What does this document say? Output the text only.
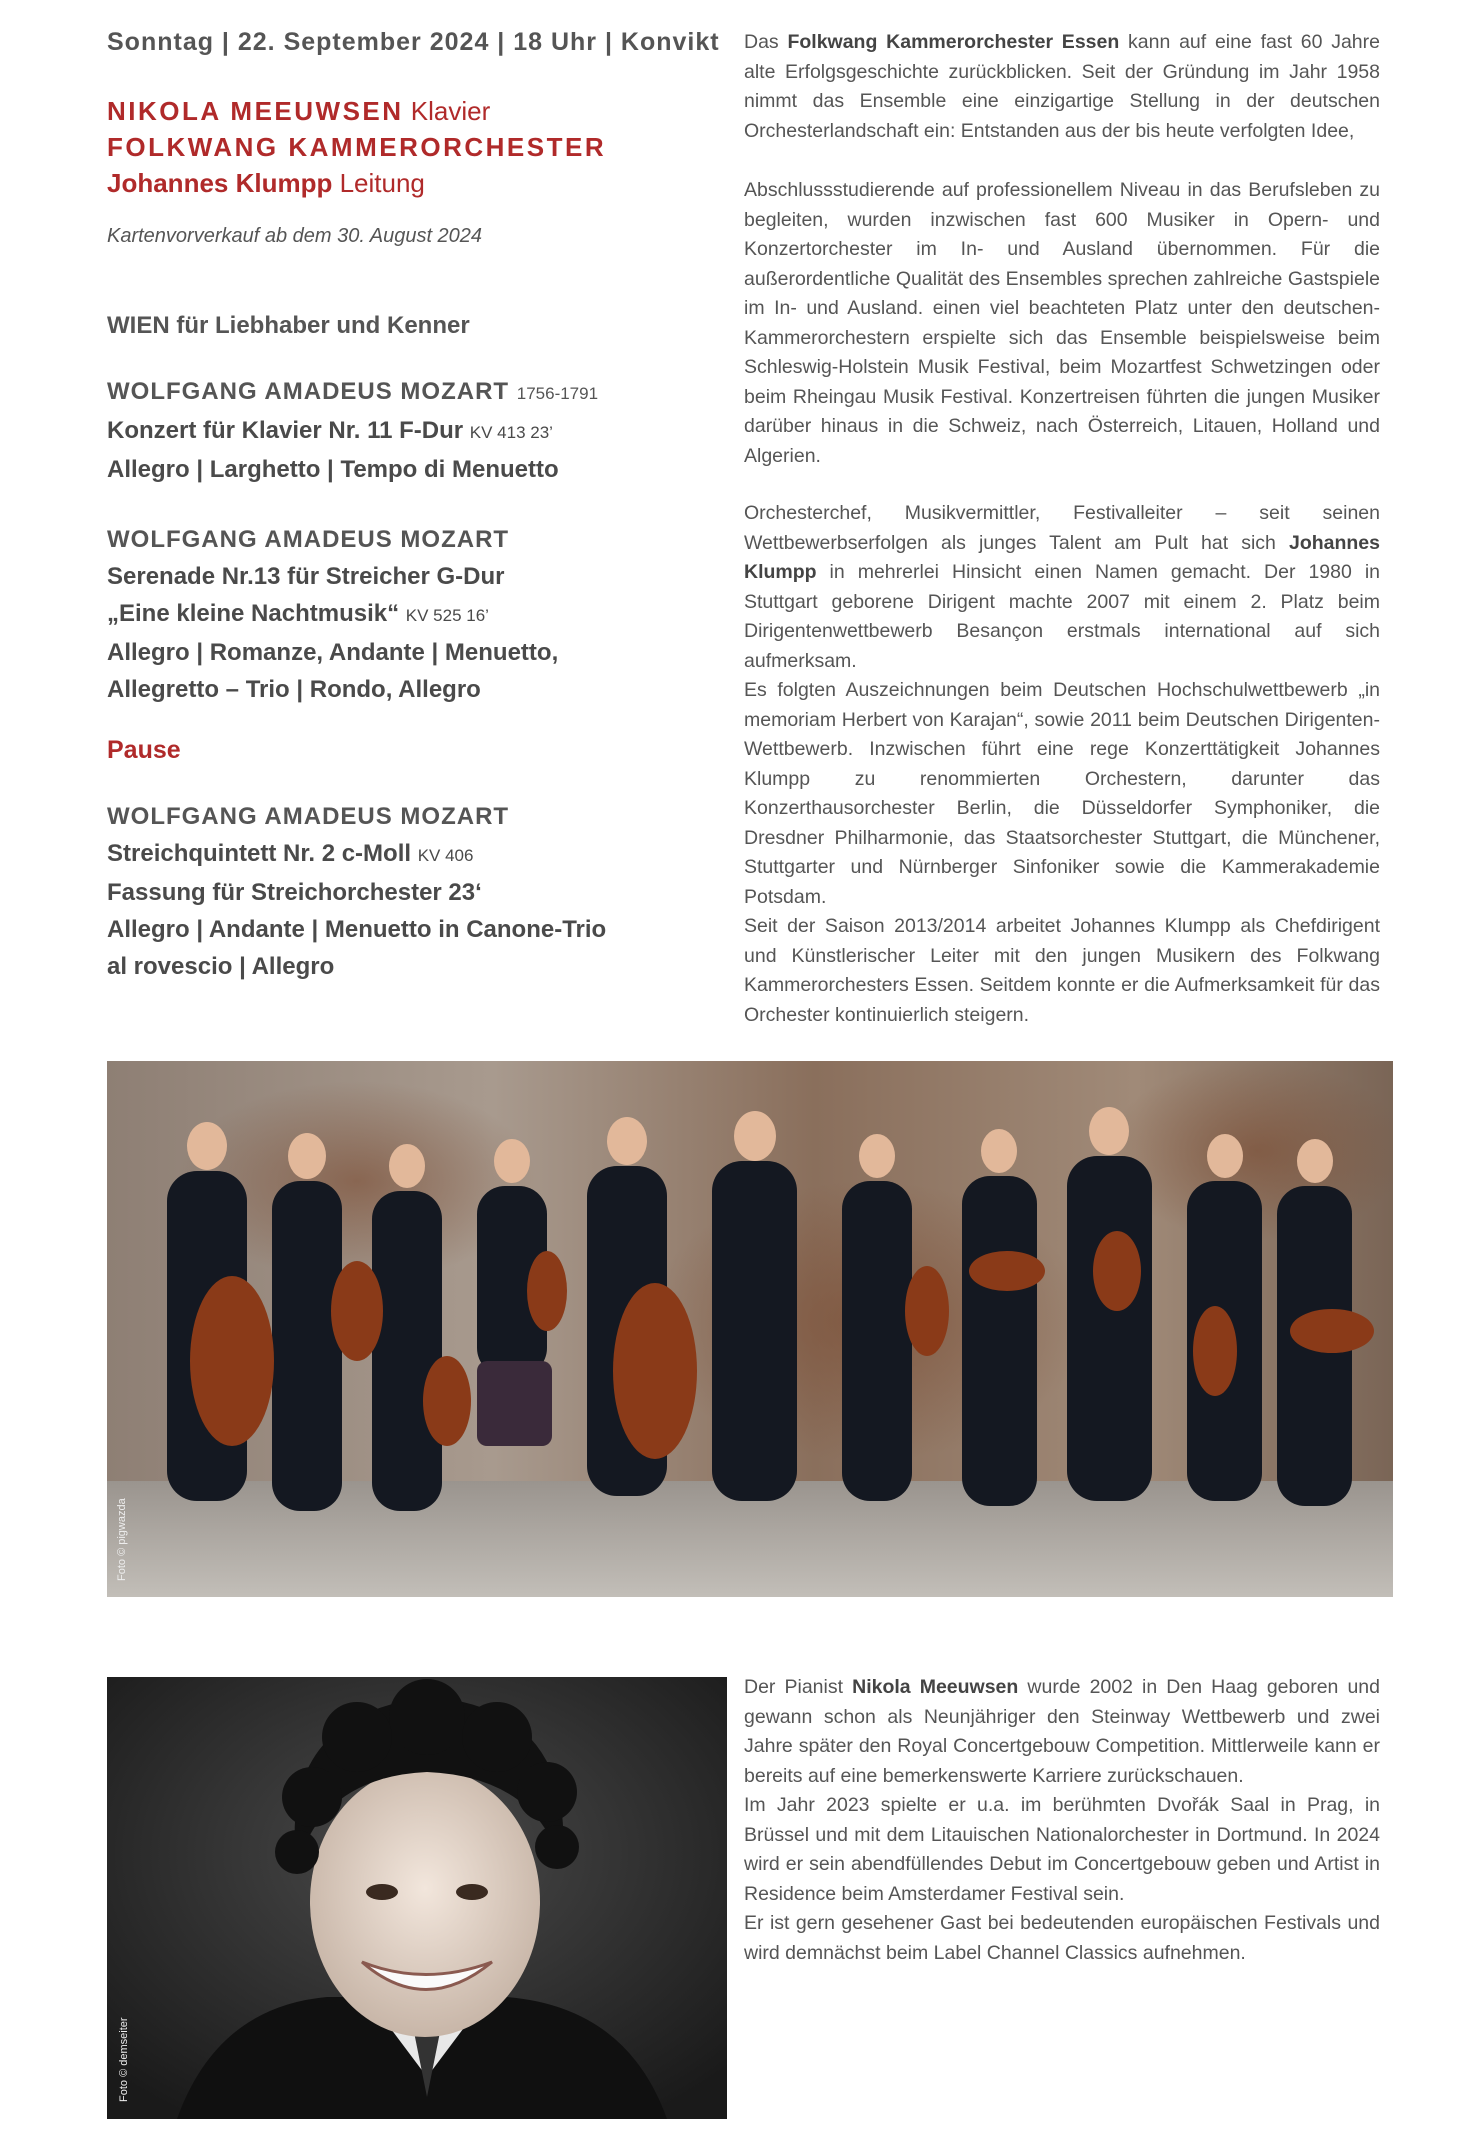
Sonntag | 22. September 2024 | 18 Uhr | Konvikt

NIKOLA MEEUWSEN Klavier
FOLKWANG KAMMERORCHESTER
Johannes Klumpp Leitung
Kartenvorverkauf ab dem 30. August 2024
WIEN für Liebhaber und Kenner
WOLFGANG AMADEUS MOZART 1756-1791
Konzert für Klavier Nr. 11 F-Dur KV 413 23’
Allegro | Larghetto | Tempo di Menuetto
WOLFGANG AMADEUS MOZART
Serenade Nr.13 für Streicher G-Dur
„Eine kleine Nachtmusik“ KV 525 16’
Allegro | Romanze, Andante | Menuetto,
Allegretto – Trio | Rondo, Allegro
Pause
WOLFGANG AMADEUS MOZART
Streichquintett Nr. 2 c-Moll KV 406
Fassung für Streichorchester 23‘
Allegro | Andante | Menuetto in Canone-Trio
al rovescio | Allegro

Das Folkwang Kammerorchester Essen kann auf eine fast 60 Jahre alte Erfolgsgeschichte zurückblicken. Seit der Gründung im Jahr 1958 nimmt das Ensemble eine einzigartige Stellung in der deutschen Orchesterlandschaft ein: Entstanden aus der bis heute verfolgten Idee,

Abschlussstudierende auf professionellem Niveau in das Berufsleben zu begleiten, wurden inzwischen fast 600 Musiker in Opern- und Konzertorchester im In- und Ausland übernommen. Für die außerordentliche Qualität des Ensembles sprechen zahlreiche Gastspiele im In- und Ausland. einen viel beachteten Platz unter den deutschen-Kammerorchestern erspielte sich das Ensemble beispielsweise beim Schleswig-Holstein Musik Festival, beim Mozartfest Schwetzingen oder beim Rheingau Musik Festival. Konzertreisen führten die jungen Musiker darüber hinaus in die Schweiz, nach Österreich, Litauen, Holland und Algerien.

Orchesterchef, Musikvermittler, Festivalleiter – seit seinen Wettbewerbserfolgen als junges Talent am Pult hat sich Johannes Klumpp in mehrerlei Hinsicht einen Namen gemacht. Der 1980 in Stuttgart geborene Dirigent machte 2007 mit einem 2. Platz beim Dirigentenwettbewerb Besançon erstmals international auf sich aufmerksam.

Es folgten Auszeichnungen beim Deutschen Hochschulwettbewerb „in memoriam Herbert von Karajan“, sowie 2011 beim Deutschen Dirigenten-Wettbewerb. Inzwischen führt eine rege Konzerttätigkeit Johannes Klumpp zu renommierten Orchestern, darunter das Konzerthausorchester Berlin, die Düsseldorfer Symphoniker, die Dresdner Philharmonie, das Staatsorchester Stuttgart, die Münchener, Stuttgarter und Nürnberger Sinfoniker sowie die Kammerakademie Potsdam.

Seit der Saison 2013/2014 arbeitet Johannes Klumpp als Chefdirigent und Künstlerischer Leiter mit den jungen Musikern des Folkwang Kammerorchesters Essen. Seitdem konnte er die Aufmerksamkeit für das Orchester kontinuierlich steigern.

Foto © pigwazda
Foto © demseiter

Der Pianist Nikola Meeuwsen wurde 2002 in Den Haag geboren und gewann schon als Neunjähriger den Steinway Wettbewerb und zwei Jahre später den Royal Concertgebouw Competition. Mittlerweile kann er bereits auf eine bemerkenswerte Karriere zurückschauen.

Im Jahr 2023 spielte er u.a. im berühmten Dvořák Saal in Prag, in Brüssel und mit dem Litauischen Nationalorchester in Dortmund. In 2024 wird er sein abendfüllendes Debut im Concertgebouw geben und Artist in Residence beim Amsterdamer Festival sein.

Er ist gern gesehener Gast bei bedeutenden europäischen Festivals und wird demnächst beim Label Channel Classics aufnehmen.
